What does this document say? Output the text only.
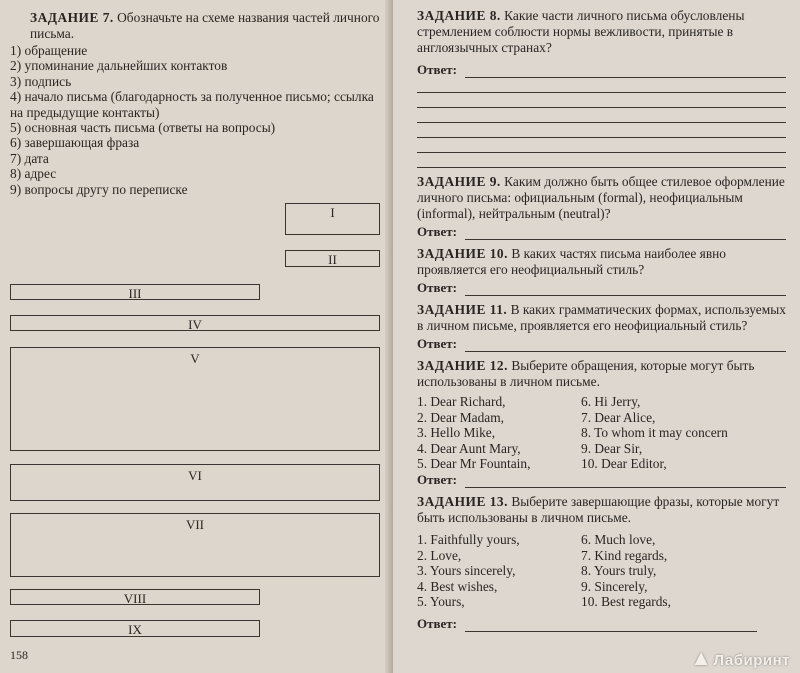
ЗАДАНИЕ 7. Обозначьте на схеме названия частей личного письма.
1) обращение
2) упоминание дальнейших контактов
3) подпись
4) начало письма (благодарность за полученное письмо; ссылка на предыдущие контакты)
5) основная часть письма (ответы на вопросы)
6) завершающая фраза
7) дата
8) адрес
9) вопросы другу по переписке
I
II
III
IV
V
VI
VII
VIII
IX
158
ЗАДАНИЕ 8. Какие части личного письма обусловлены стремлением соблюсти нормы вежливости, принятые в англоязычных странах?
Ответ:
ЗАДАНИЕ 9. Каким должно быть общее стилевое оформление личного письма: официальным (formal), неофициальным (informal), нейтральным (neutral)?
Ответ:
ЗАДАНИЕ 10. В каких частях письма наиболее явно проявляется его неофициальный стиль?
Ответ:
ЗАДАНИЕ 11. В каких грамматических формах, используемых в личном письме, проявляется его неофициальный стиль?
Ответ:
ЗАДАНИЕ 12. Выберите обращения, которые могут быть использованы в личном письме.
1. Dear Richard,
2. Dear Madam,
3. Hello Mike,
4. Dear Aunt Mary,
5. Dear Mr Fountain,
6. Hi Jerry,
7. Dear Alice,
8. To whom it may concern
9. Dear Sir,
10. Dear Editor,
Ответ:
ЗАДАНИЕ 13. Выберите завершающие фразы, которые могут быть использованы в личном письме.
1. Faithfully yours,
2. Love,
3. Yours sincerely,
4. Best wishes,
5. Yours,
6. Much love,
7. Kind regards,
8. Yours truly,
9. Sincerely,
10. Best regards,
Ответ:
▲Лабиринт
